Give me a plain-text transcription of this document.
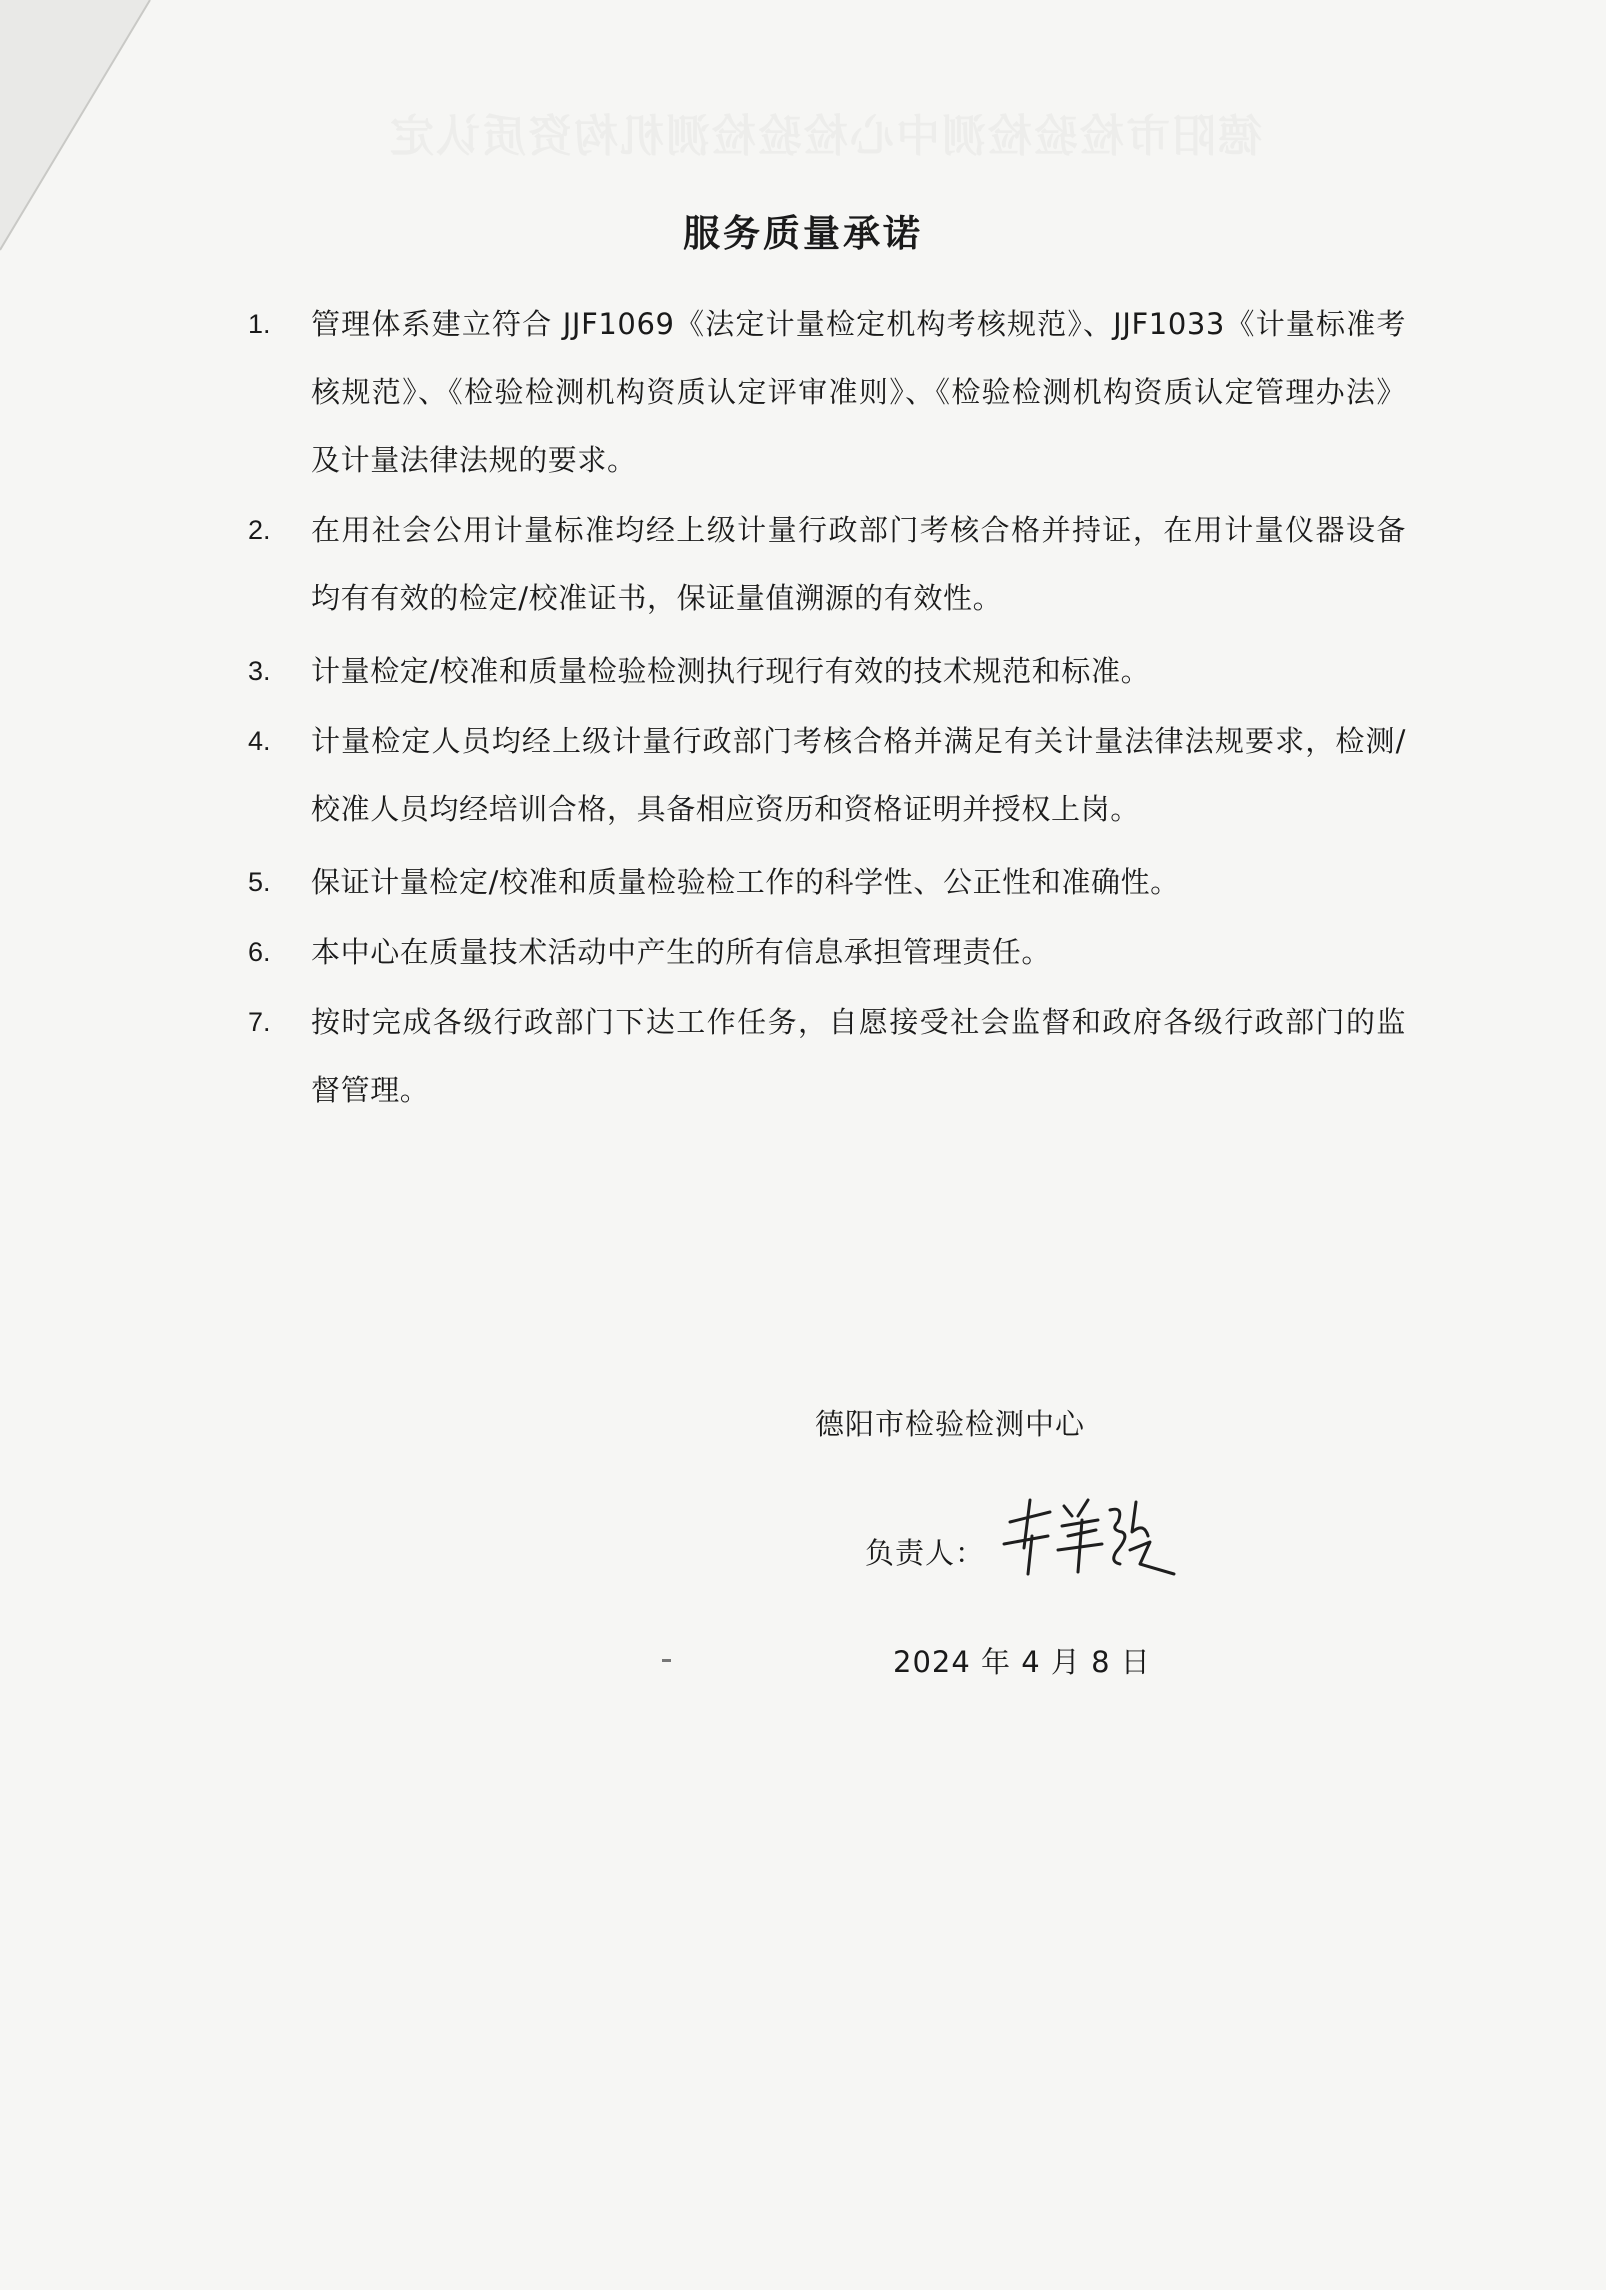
德阳市检验检测中心检验检测机构资质认定
服务质量承诺
1.	管理体系建立符合 JJF1069《法定计量检定机构考核规范》、JJF1033《计量标准考核规范》、《检验检测机构资质认定评审准则》、《检验检测机构资质认定管理办法》及计量法律法规的要求。
2.	在用社会公用计量标准均经上级计量行政部门考核合格并持证，在用计量仪器设备均有有效的检定/校准证书，保证量值溯源的有效性。
3.	计量检定/校准和质量检验检测执行现行有效的技术规范和标准。
4.	计量检定人员均经上级计量行政部门考核合格并满足有关计量法律法规要求，检测/校准人员均经培训合格，具备相应资历和资格证明并授权上岗。
5.	保证计量检定/校准和质量检验检工作的科学性、公正性和准确性。
6.	本中心在质量技术活动中产生的所有信息承担管理责任。
7.	按时完成各级行政部门下达工作任务，自愿接受社会监督和政府各级行政部门的监督管理。
德阳市检验检测中心
负责人：
2024 年 4 月 8 日
